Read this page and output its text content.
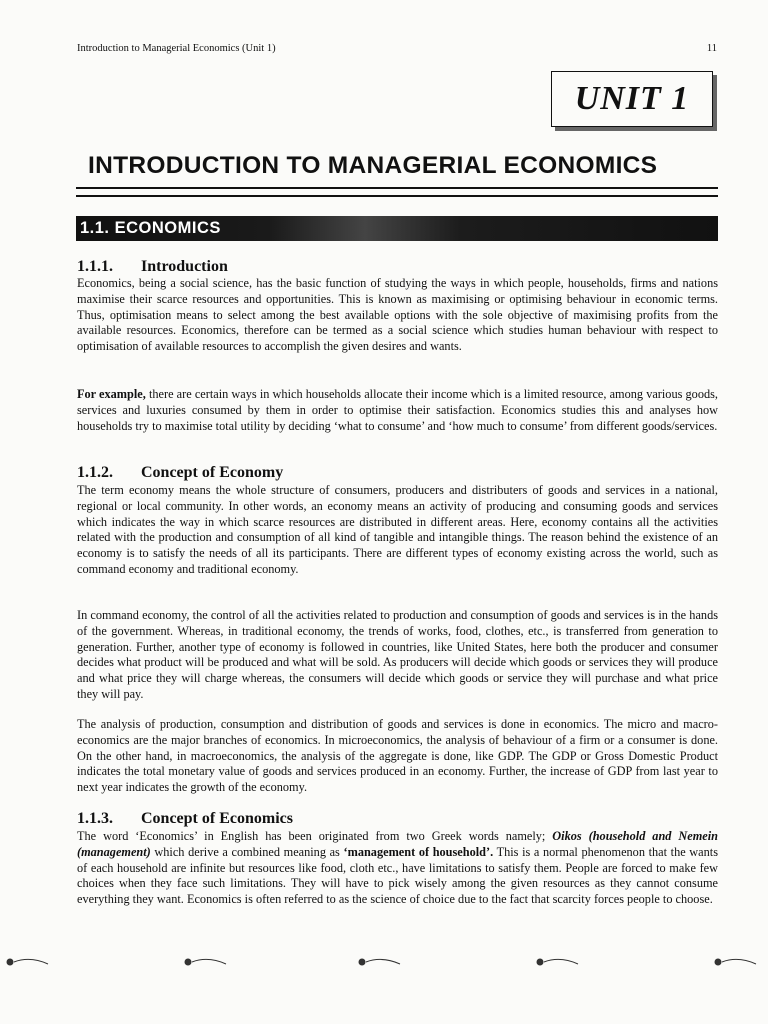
Introduction to Managerial Economics (Unit 1)	11
UNIT 1
INTRODUCTION TO MANAGERIAL ECONOMICS
1.1. ECONOMICS
1.1.1. Introduction

Economics, being a social science, has the basic function of studying the ways in which people, households, firms and nations maximise their scarce resources and opportunities. This is known as maximising or optimising behaviour in economic terms. Thus, optimisation means to select among the best available options with the sole objective of maximising profits from the available resources. Economics, therefore can be termed as a social science which studies human behaviour with respect to optimisation of available resources to accomplish the given desires and wants.

For example, there are certain ways in which households allocate their income which is a limited resource, among various goods, services and luxuries consumed by them in order to optimise their satisfaction. Economics studies this and analyses how households try to maximise total utility by deciding ‘what to consume’ and ‘how much to consume’ from different goods/services.

1.1.2. Concept of Economy

The term economy means the whole structure of consumers, producers and distributers of goods and services in a national, regional or local community. In other words, an economy means an activity of producing and consuming goods and services which indicates the way in which scarce resources are distributed in different areas. Here, economy contains all the activities related with the production and consumption of all kind of tangible and intangible things. The reason behind the existence of an economy is to satisfy the needs of all its participants. There are different types of economy existing across the world, such as command economy and traditional economy.

In command economy, the control of all the activities related to production and consumption of goods and services is in the hands of the government. Whereas, in traditional economy, the trends of works, food, clothes, etc., is transferred from generation to generation. Further, another type of economy is followed in countries, like United States, here both the producer and consumer decides what product will be produced and what will be sold. As producers will decide which goods or services they will produce and what price they will charge whereas, the consumers will decide which goods or service they will purchase and what price they will pay.

The analysis of production, consumption and distribution of goods and services is done in economics. The micro and macro-economics are the major branches of economics. In microeconomics, the analysis of behaviour of a firm or a consumer is done. On the other hand, in macroeconomics, the analysis of the aggregate is done, like GDP. The GDP or Gross Domestic Product indicates the total monetary value of goods and services produced in an economy. Further, the increase of GDP from last year to next year indicates the growth of the economy.

1.1.3. Concept of Economics

The word ‘Economics’ in English has been originated from two Greek words namely; Oikos (household and Nemein (management) which derive a combined meaning as ‘management of household’. This is a normal phenomenon that the wants of each household are infinite but resources like food, cloth etc., have limitations to satisfy them. People are forced to make few choices when they face such limitations. They will have to pick wisely among the given resources as they cannot consume everything they want. Economics is often referred to as the science of choice due to the fact that scarcity forces people to choose.
